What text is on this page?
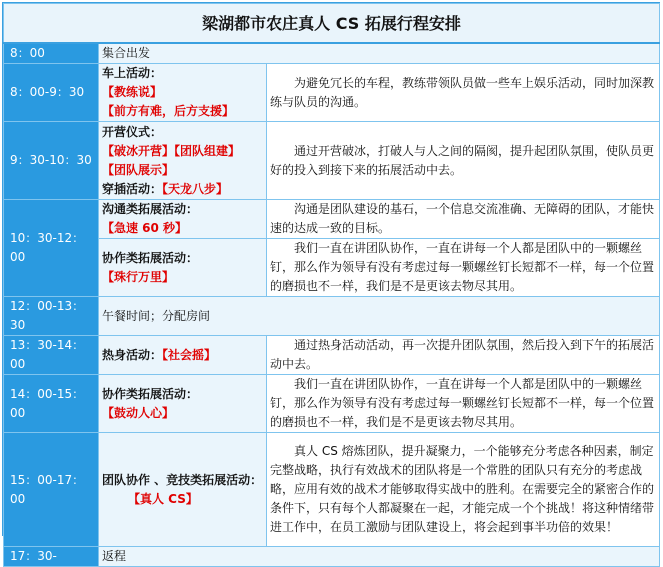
梁湖都市农庄真人 CS 拓展行程安排		
8：00	集合出发	
8：00-9：30	车上活动：
【教练说】
【前方有难，后方支援】	为避免冗长的车程，教练带领队员做一些车上娱乐活动，同时加深教练与队员的沟通。

9：30-10：30	开营仪式：
【破冰开营】【团队组建】
【团队展示】
穿插活动：【天龙八步】	通过开营破冰，打破人与人之间的隔阂，提升起团队氛围，使队员更好的投入到接下来的拓展活动中去。

10：30-12：00	沟通类拓展活动：
【急速 60 秒】	沟通是团队建设的基石，一个信息交流准确、无障碍的团队，才能快速的达成一致的目标。

	协作类拓展活动：
【珠行万里】	我们一直在讲团队协作，一直在讲每一个人都是团队中的一颗螺丝钉，那么作为领导有没有考虑过每一颗螺丝钉长短都不一样，每一个位置的磨损也不一样，我们是不是更该去物尽其用。

12：00-13：30	午餐时间；分配房间	
13：30-14：00	热身活动：【社会摇】	通过热身活动活动，再一次提升团队氛围，然后投入到下午的拓展活动中去。

14：00-15：00	协作类拓展活动：
【鼓动人心】	我们一直在讲团队协作，一直在讲每一个人都是团队中的一颗螺丝钉，那么作为领导有没有考虑过每一颗螺丝钉长短都不一样，每一个位置的磨损也不一样，我们是不是更该去物尽其用。

15：00-17：00	团队协作 、竞技类拓展活动：
【真人 CS】	真人 CS 熔炼团队，提升凝聚力，一个能够充分考虑各种因素，制定完整战略，执行有效战术的团队将是一个常胜的团队只有充分的考虑战略，应用有效的战术才能够取得实战中的胜利。在需要完全的紧密合作的条件下，只有每个人都凝聚在一起，才能完成一个个挑战！将这种情绪带进工作中，在员工激励与团队建设上，将会起到事半功倍的效果！

17：30-	返程	
